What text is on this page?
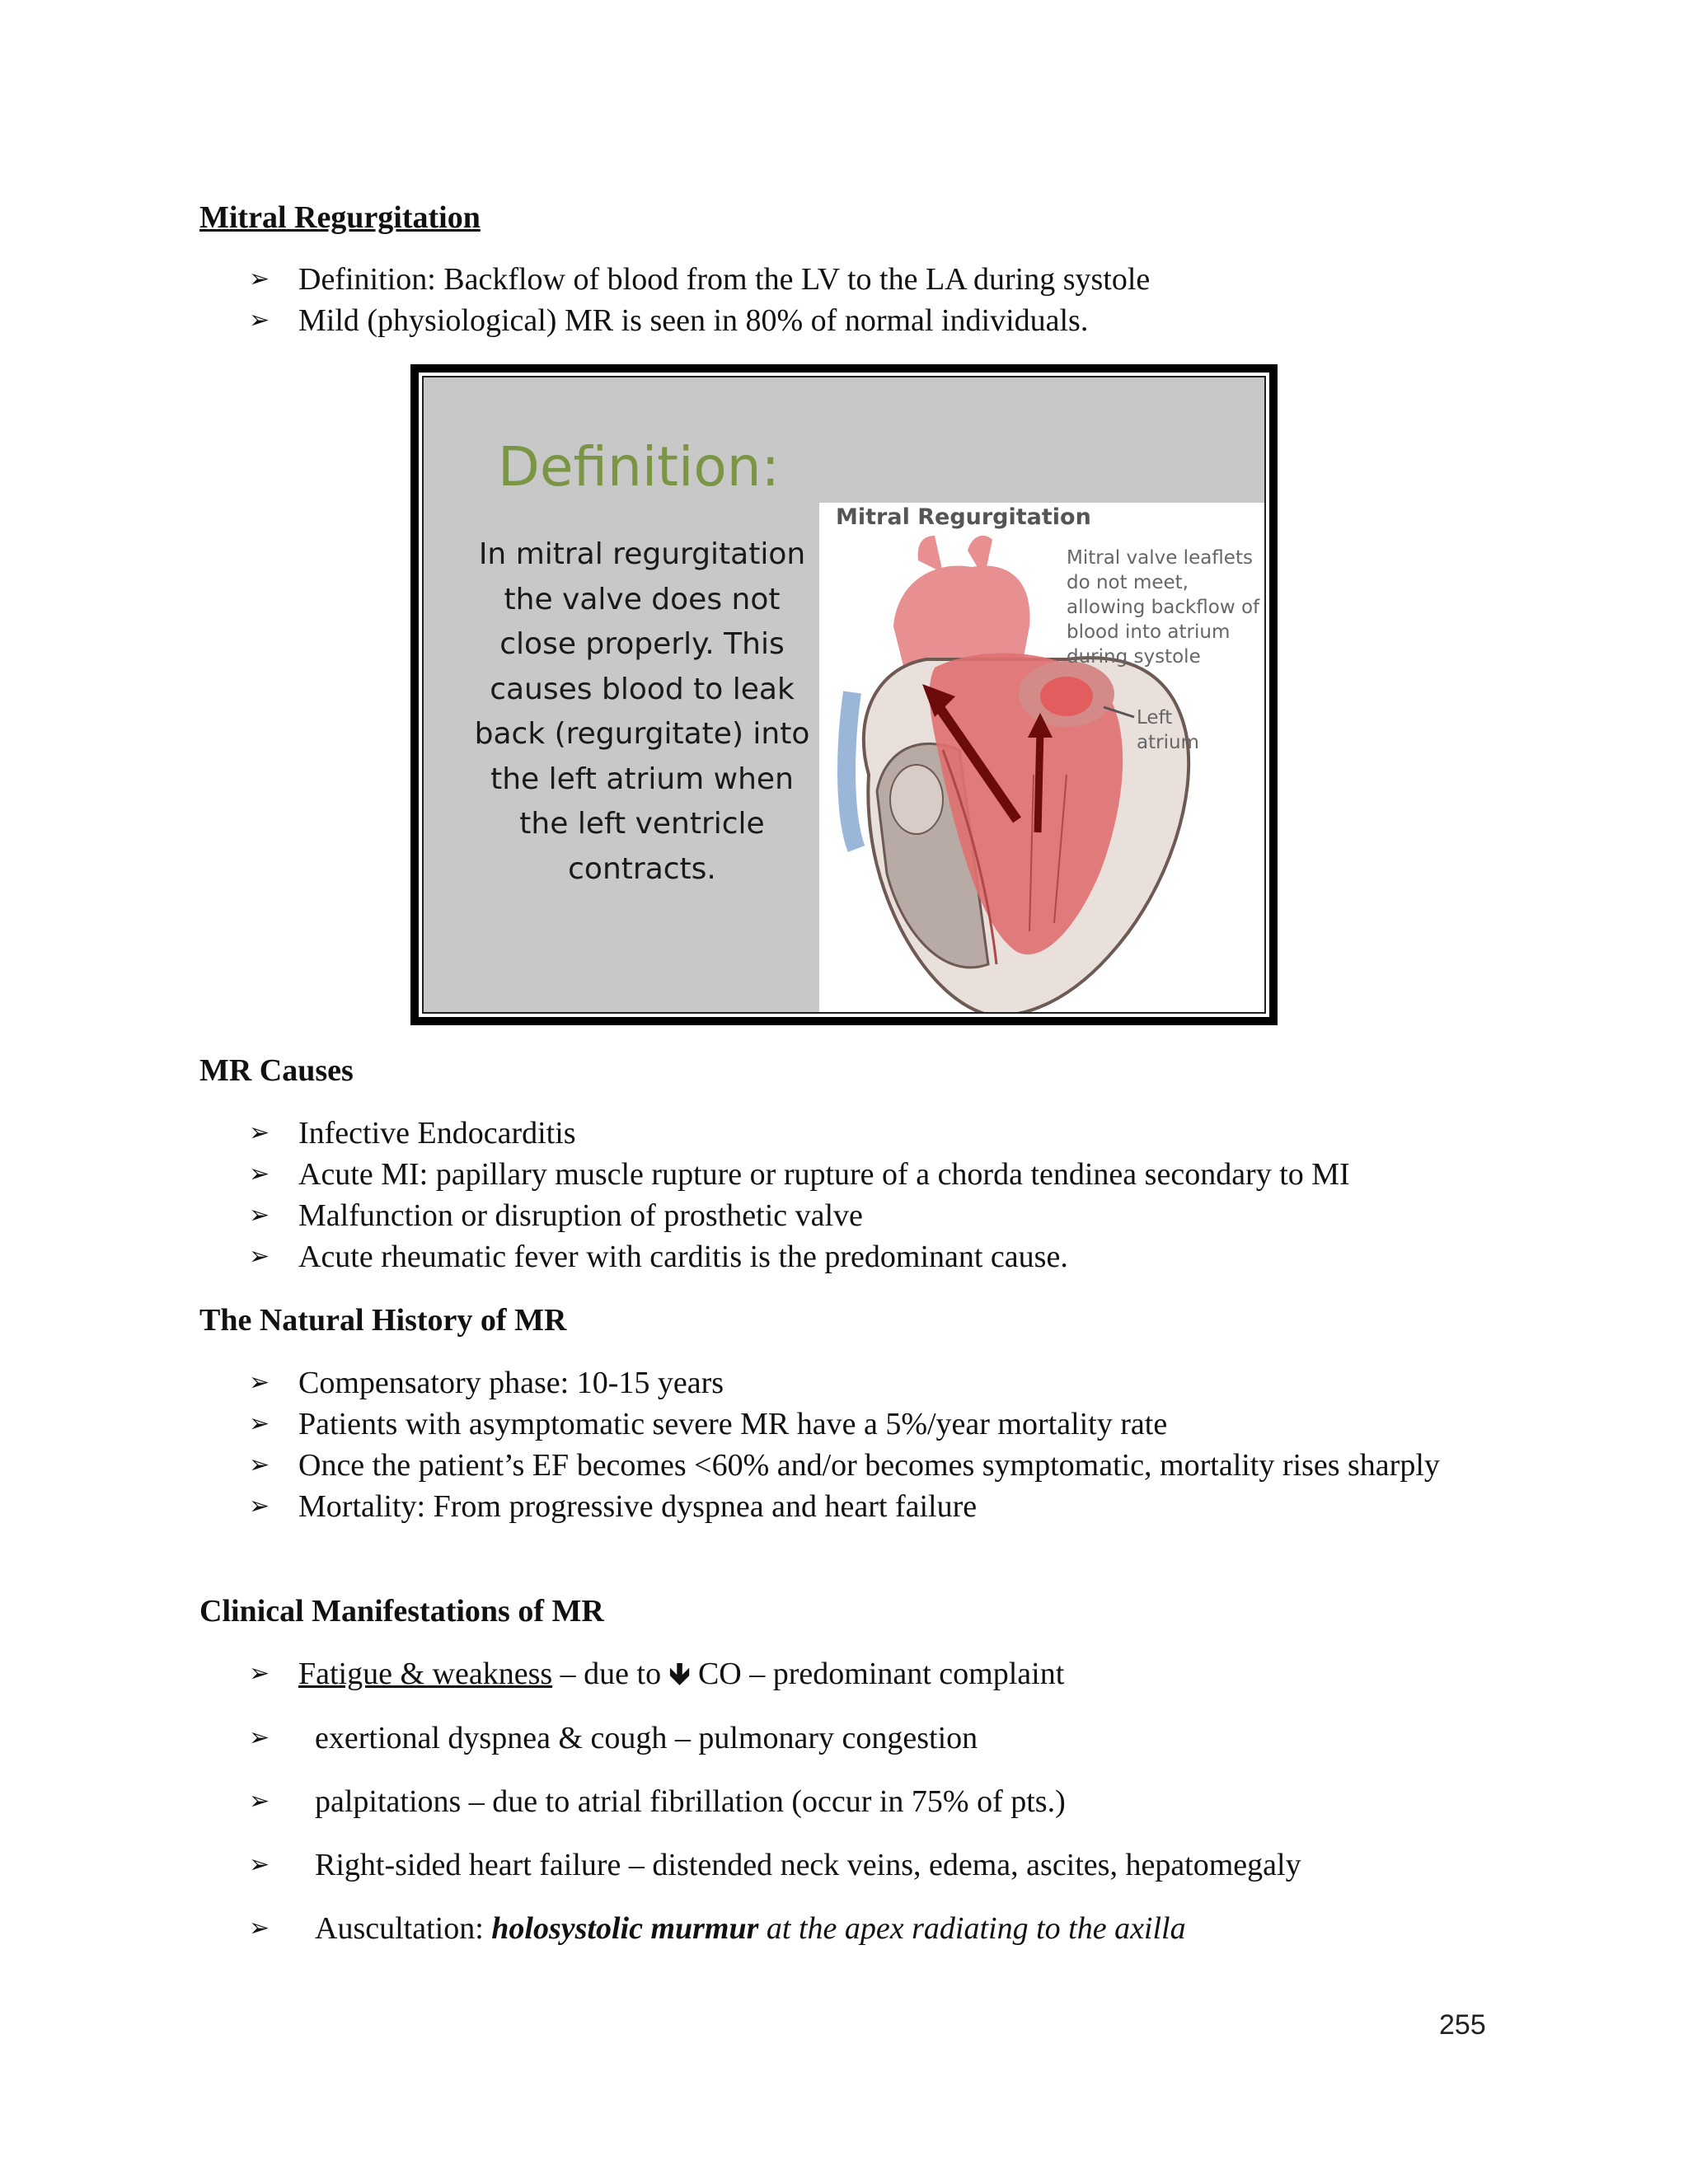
Mitral Regurgitation

➢ Definition: Backflow of blood from the LV to the LA during systole
➢ Mild (physiological) MR is seen in 80% of normal individuals.

Definition:

In mitral regurgitation the valve does not close properly. This causes blood to leak back (regurgitate) into the left atrium when the left ventricle contracts.

Mitral Regurgitation

Mitral valve leaflets do not meet, allowing backflow of blood into atrium during systole

Left atrium

MR Causes

➢ Infective Endocarditis
➢ Acute MI: papillary muscle rupture or rupture of a chorda tendinea secondary to MI
➢ Malfunction or disruption of prosthetic valve
➢ Acute rheumatic fever with carditis is the predominant cause.

The Natural History of MR

➢ Compensatory phase: 10-15 years
➢ Patients with asymptomatic severe MR have a 5%/year mortality rate
➢ Once the patient’s EF becomes <60% and/or becomes symptomatic, mortality rises sharply
➢ Mortality: From progressive dyspnea and heart failure

Clinical Manifestations of MR

➢ Fatigue & weakness – due to 🡻 CO – predominant complaint
➢ exertional dyspnea & cough – pulmonary congestion
➢ palpitations – due to atrial fibrillation (occur in 75% of pts.)
➢ Right-sided heart failure – distended neck veins, edema, ascites, hepatomegaly
➢ Auscultation: holosystolic murmur at the apex radiating to the axilla

255
